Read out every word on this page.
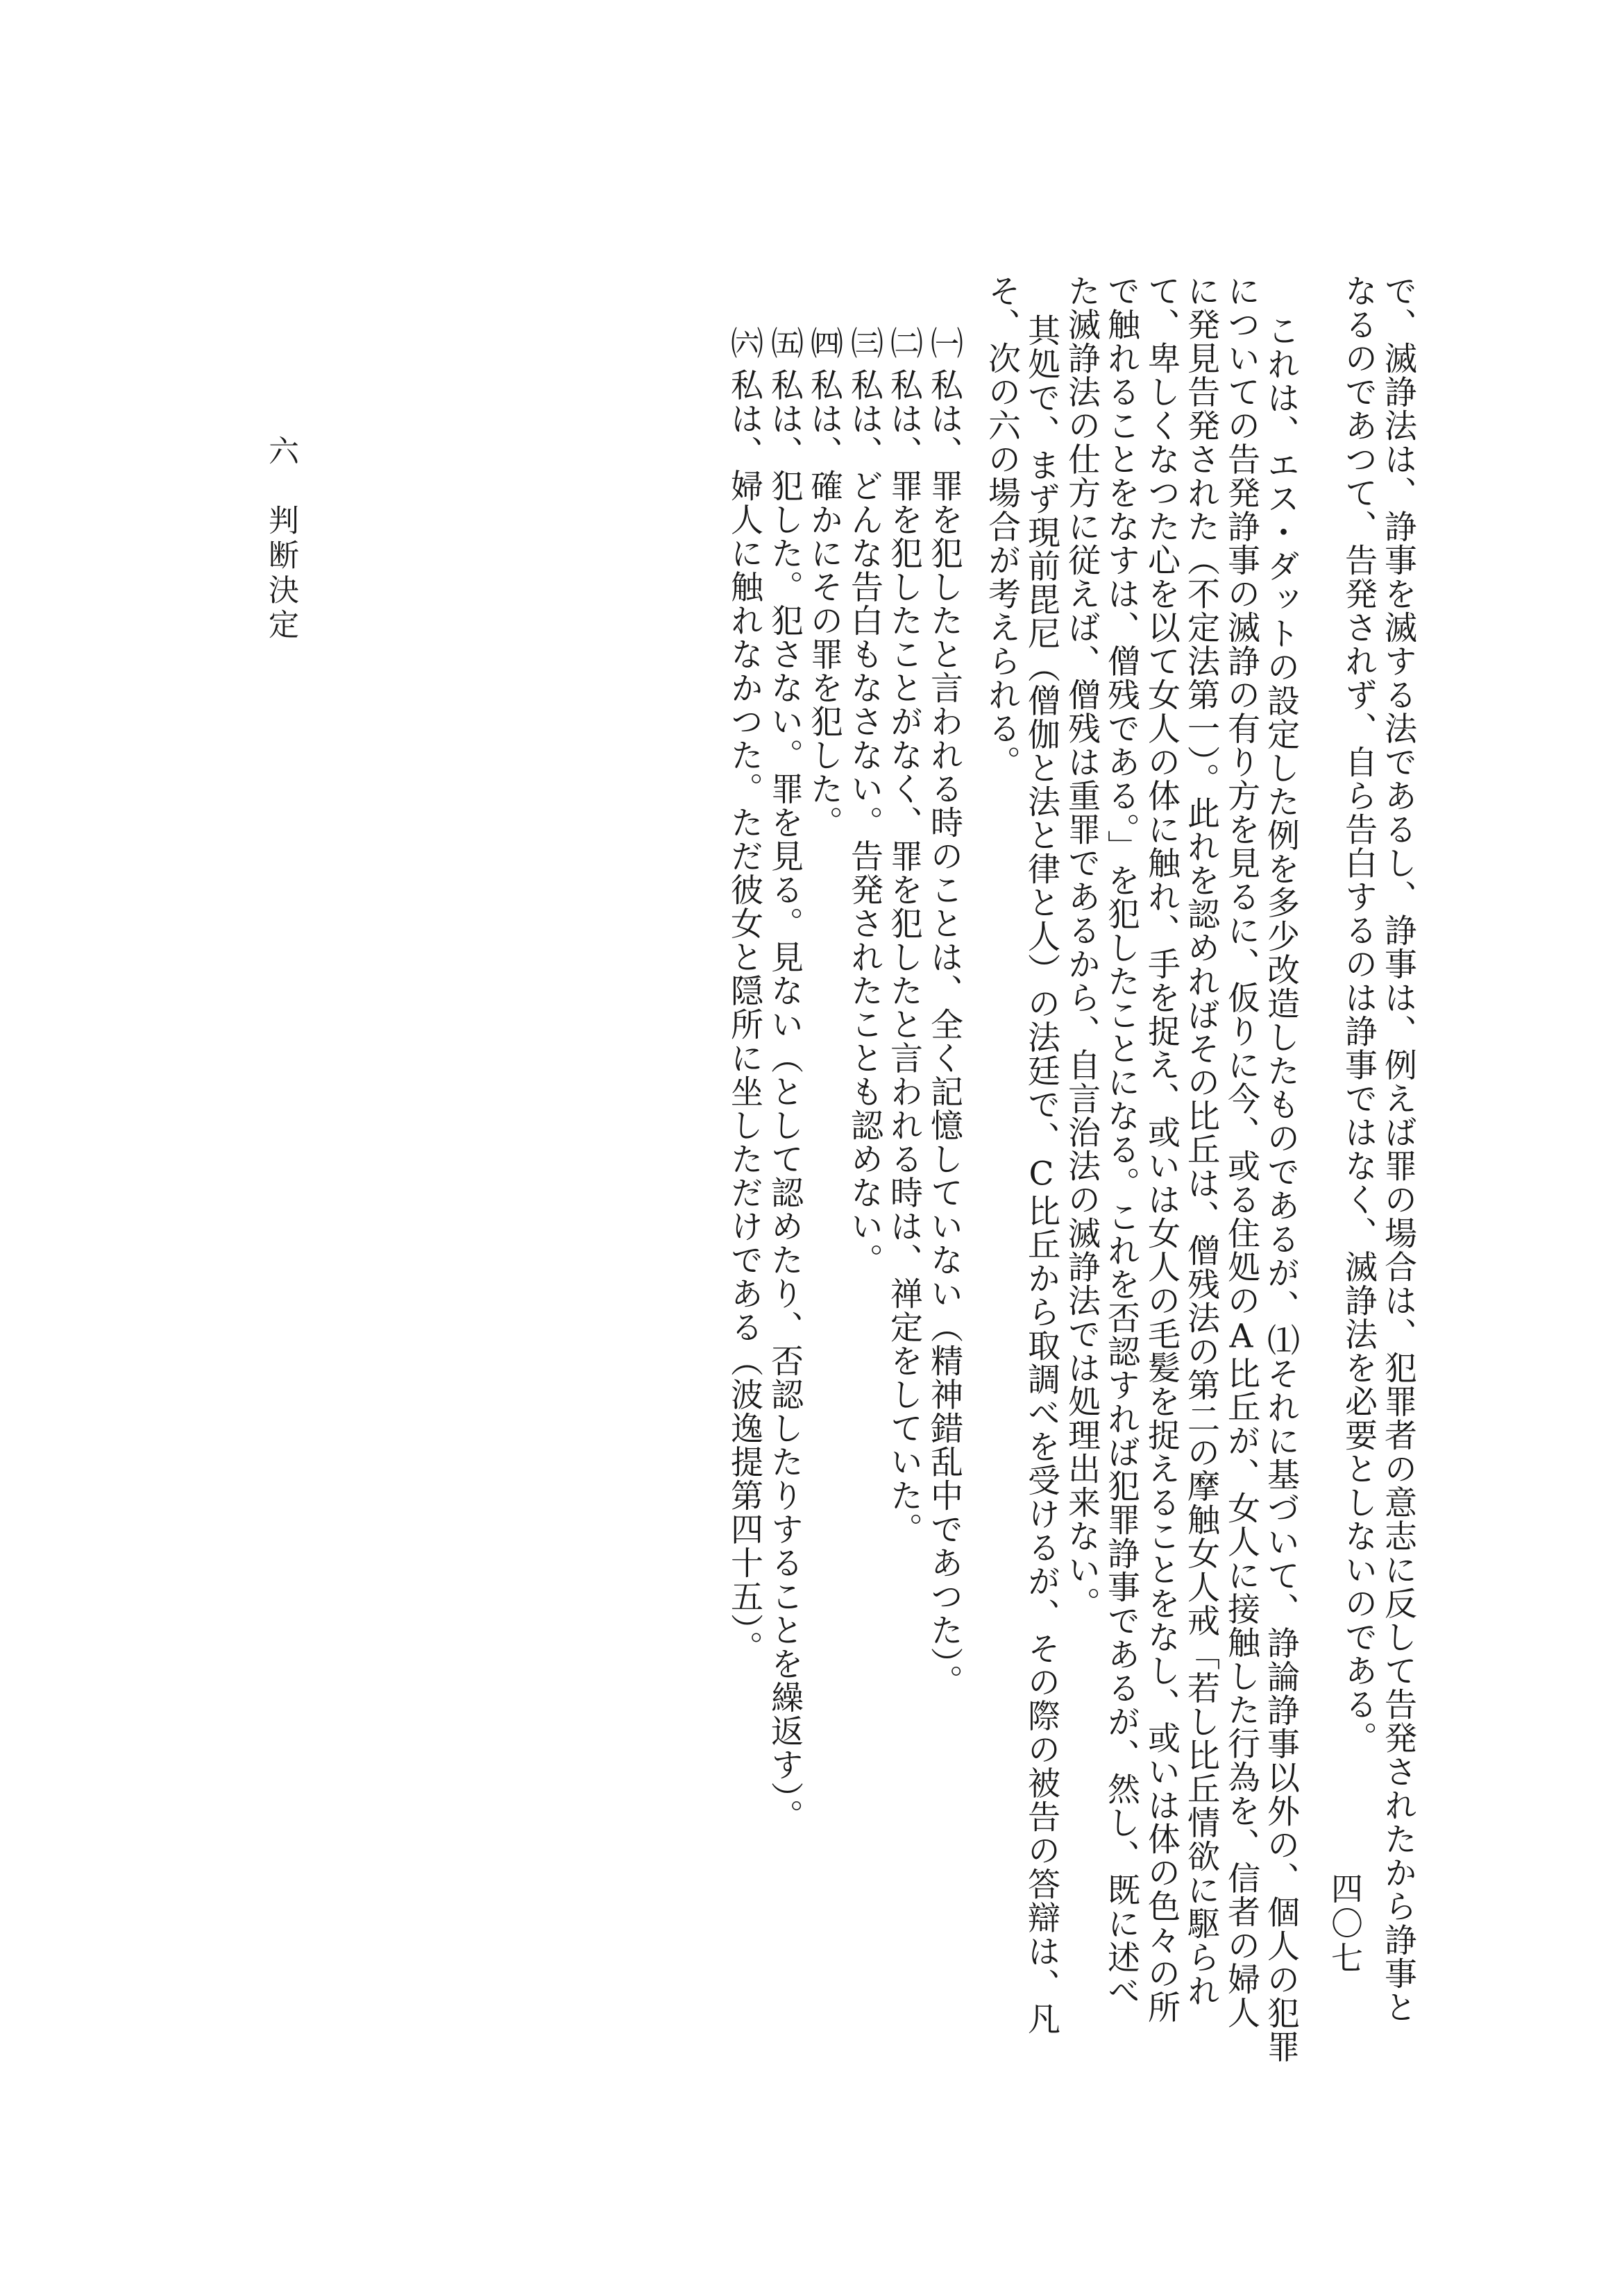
で、滅諍法は、諍事を滅する法であるし、諍事は、例えば罪の場合は、犯罪者の意志に反して告発されたから諍事と
なるのであつて、告発されず、自ら告白するのは諍事ではなく、滅諍法を必要としないのである。
これは、エス・ダットの設定した例を多少改造したものであるが、⑴それに基づいて、諍論諍事以外の、個人の犯罪
についての告発諍事の滅諍の有り方を見るに、仮りに今、或る住処のA比丘が、女人に接触した行為を、信者の婦人
に発見告発された（不定法第一）。此れを認めればその比丘は、僧残法の第二の摩触女人戒「若し比丘情欲に駆られ
て、卑しくなつた心を以て女人の体に触れ、手を捉え、或いは女人の毛髪を捉えることをなし、或いは体の色々の所
で触れることをなすは、僧残である。」を犯したことになる。これを否認すれば犯罪諍事であるが、然し、既に述べ
た滅諍法の仕方に従えば、僧残は重罪であるから、自言治法の滅諍法では処理出来ない。
其処で、まず現前毘尼（僧伽と法と律と人）の法廷で、C比丘から取調べを受けるが、その際の被告の答辯は、凡
そ、次の六の場合が考えられる。
㈠私は、罪を犯したと言われる時のことは、全く記憶していない（精神錯乱中であつた）。
㈡私は、罪を犯したことがなく、罪を犯したと言われる時は、禅定をしていた。
㈢私は、どんな告白もなさない。告発されたことも認めない。
㈣私は、確かにその罪を犯した。
㈤私は、犯した。犯さない。罪を見る。見ない（として認めたり、否認したりすることを繰返す）。
㈥私は、婦人に触れなかつた。ただ彼女と隠所に坐しただけである（波逸提第四十五）。
六　判断決定
四〇七
